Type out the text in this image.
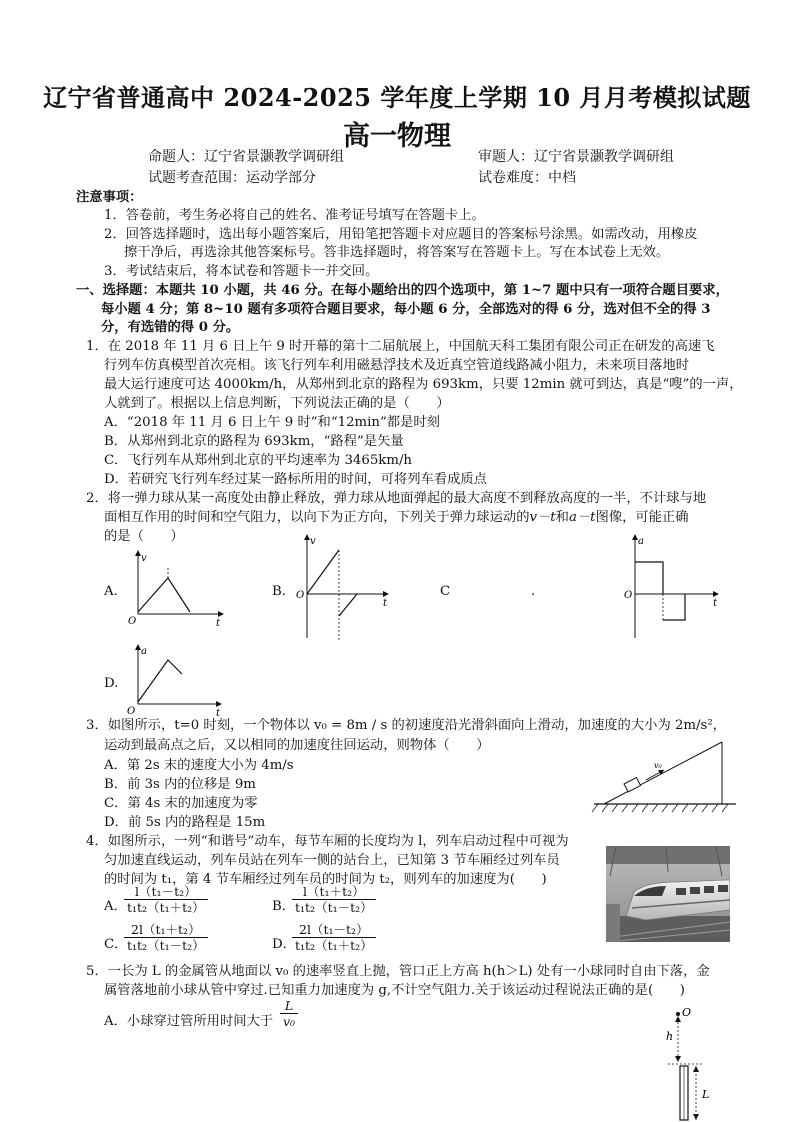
辽宁省普通高中 2024-2025 学年度上学期 10 月月考模拟试题
高一物理
命题人：辽宁省景灏教学调研组	审题人：辽宁省景灏教学调研组
试题考查范围：运动学部分	试卷难度：中档
注意事项：
1．答卷前，考生务必将自己的姓名、准考证号填写在答题卡上。
2．回答选择题时，选出每小题答案后，用铅笔把答题卡对应题目的答案标号涂黑。如需改动，用橡皮
擦干净后，再选涂其他答案标号。答非选择题时，将答案写在答题卡上。写在本试卷上无效。
3．考试结束后，将本试卷和答题卡一并交回。
一、选择题：本题共 10 小题，共 46 分。在每小题给出的四个选项中，第 1~7 题中只有一项符合题目要求，
每小题 4 分；第 8~10 题有多项符合题目要求，每小题 6 分，全部选对的得 6 分，选对但不全的得 3
分，有选错的得 0 分。
1．在 2018 年 11 月 6 日上午 9 时开幕的第十二届航展上，中国航天科工集团有限公司正在研发的高速飞
行列车仿真模型首次亮相。该飞行列车利用磁悬浮技术及近真空管道线路减小阻力，未来项目落地时
最大运行速度可达 4000km/h，从郑州到北京的路程为 693km，只要 12min 就可到达，真是“嗖”的一声，
人就到了。根据以上信息判断，下列说法正确的是（　　）
A．“2018 年 11 月 6 日上午 9 时”和“12min”都是时刻
B．从郑州到北京的路程为 693km，“路程”是矢量
C．飞行列车从郑州到北京的平均速率为 3465km/h
D．若研究飞行列车经过某一路标所用的时间，可将列车看成质点
2．将一弹力球从某一高度处由静止释放，弹力球从地面弹起的最大高度不到释放高度的一半，不计球与地
面相互作用的时间和空气阻力，以向下为正方向，下列关于弹力球运动的v－t和a－t图像，可能正确
的是（　　）
A.	B.	C	.
D.
v
t
O
v
t
O
a
t
O
a
t
O
3．如图所示，t=0 时刻，一个物体以 v₀ = 8m / s 的初速度沿光滑斜面向上滑动，加速度的大小为 2m/s²，
运动到最高点之后，又以相同的加速度往回运动，则物体（　　）
A．第 2s 末的速度大小为 4m/s
B．前 3s 内的位移是 9m
C．第 4s 末的加速度为零
D．前 5s 内的路程是 15m
v₀
4．如图所示，一列“和谐号”动车，每节车厢的长度均为 l，列车启动过程中可视为
匀加速直线运动，列车员站在列车一侧的站台上，已知第 3 节车厢经过列车员
的时间为 t₁，第 4 节车厢经过列车员的时间为 t₂，则列车的加速度为(　　)
A．
$\frac{\text{l（t₁－t₂）}}{\text{t₁t₂（t₁＋t₂）}}$	B．
$\frac{\text{l（t₁＋t₂）}}{\text{t₁t₂（t₁－t₂）}}$
C．
$\frac{\text{2l（t₁＋t₂）}}{\text{t₁t₂（t₁－t₂）}}$	D．
$\frac{\text{2l（t₁－t₂）}}{\text{t₁t₂（t₁＋t₂）}}$
5．一长为 L 的金属管从地面以 v₀ 的速率竖直上抛，管口正上方高 h(h＞L) 处有一小球同时自由下落，金
属管落地前小球从管中穿过.已知重力加速度为 g,不计空气阻力.关于该运动过程说法正确的是(　　)
A．小球穿过管所用时间大于 $\frac{L}{\text{v₀}}$	O
h
L
